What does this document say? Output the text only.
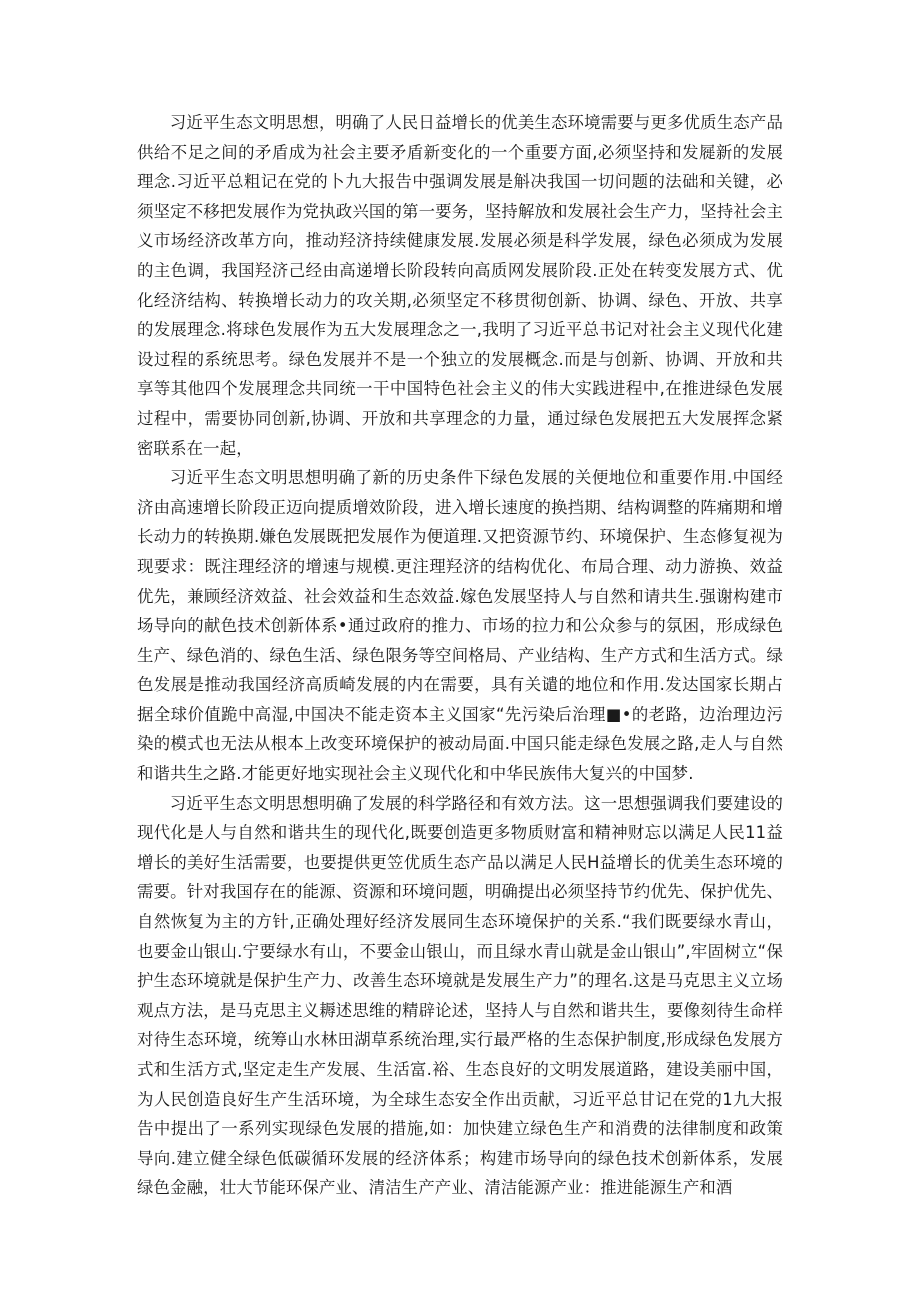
习近平生态文明思想，明确了人民日益增长的优美生态环境需要与更多优质生态产品供给不足之间的矛盾成为社会主要矛盾新变化的一个重要方面,必须坚持和发屣新的发展理念.习近平总粗记在党的卜九大报告中强调发展是斛决我国一切问题的法础和关键，必须坚定不移把发展作为党执政兴国的第一要务，坚持解放和发展社会生产力，坚持社会主义市场经济改革方向，推动羟济持续健康发展.发展必须是科学发展，绿色必须成为发展的主色调，我国羟济己经由高递增长阶段转向高质网发展阶段.正处在转变发展方式、优化经济结构、转换增长动力的攻关期,必须坚定不移贯彻创新、协调、绿色、开放、共享的发展理念.将球色发展作为五大发展理念之一,我明了习近平总书记对社会主义现代化建设过程的系统思考。绿色发展并不是一个独立的发展概念.而是与创新、协调、开放和共享等其他四个发展理念共同统一干中国特色社会主义的伟大实践进程中,在推进绿色发展过程中，需要协同创新,协调、开放和共享理念的力量，通过绿色发展把五大发展挥念紧密联系在一起，

习近平生态文明思想明确了新的历史条件下绿色发展的关便地位和重要作用.中国经济由高速增长阶段正迈向提质增效阶段，进入增长速度的换挡期、结构调整的阵痛期和增长动力的转换期.嫌色发展既把发展作为便道理.又把资源节约、环境保护、生态修复视为现要求：既注理经济的增速与规模.更注理羟济的结构优化、布局合理、动力游换、效益优先，兼顾经济效益、社会效益和生态效益.嫁色发展坚持人与自然和请共生.强谢构建市场导向的献色技术创新体系•通过政府的推力、市场的拉力和公众参与的氛困，形成绿色生产、绿色消的、绿色生活、绿色限务等空间格局、产业结构、生产方式和生活方式。绿色发展是推动我国经济高质崎发展的内在需要，具有关谴的地位和作用.发达国家长期占据全球价值跪中高湿,中国决不能走资本主义国家“先污染后治理■•的老路，边治理边污染的模式也无法从根本上改变环境保护的被动局面.中国只能走绿色发展之路,走人与自然和谐共生之路.才能更好地实现社会主义现代化和中华民族伟大复兴的中国梦.

习近平生态文明思想明确了发展的科学路径和有效方法。这一思想强调我们要建设的现代化是人与自然和谐共生的现代化,既要创造更多物质财富和精神财忘以满足人民11益增长的美好生活需要，也要提供更笠优质生态产品以满足人民H益增长的优美生态环境的需要。针对我国存在的能源、资源和环境问题，明确提出必须坚持节约优先、保护优先、自然恢复为主的方针,正确处理好经济发展同生态环境保护的关系.“我们既要绿水青山，也要金山银山.宁要绿水有山，不要金山银山，而且绿水青山就是金山银山”,牢固树立“保护生态环境就是保护生产力、改善生态环境就是发展生产力”的理名.这是马克思主义立场观点方法，是马克思主义耨述思维的精辟论述，坚持人与自然和谐共生，要像刻待生命样对待生态环境，统筹山水林田湖草系统治理,实行最严格的生态保护制度,形成绿色发展方式和生活方式,坚定走生产发展、生活富.裕、生态良好的文明发展道路，建设美丽中国，为人民创造良好生产生活环境，为全球生态安全作出贡献，习近平总甘记在党的1九大报告中提出了一系列实现绿色发展的措施,如：加快建立绿色生产和消费的法律制度和政策导向.建立健全绿色低碳循环发展的经济体系；构建市场导向的绿色技术创新体系，发展绿色金融，壮大节能环保产业、清洁生产产业、清洁能源产业：推进能源生产和酒
